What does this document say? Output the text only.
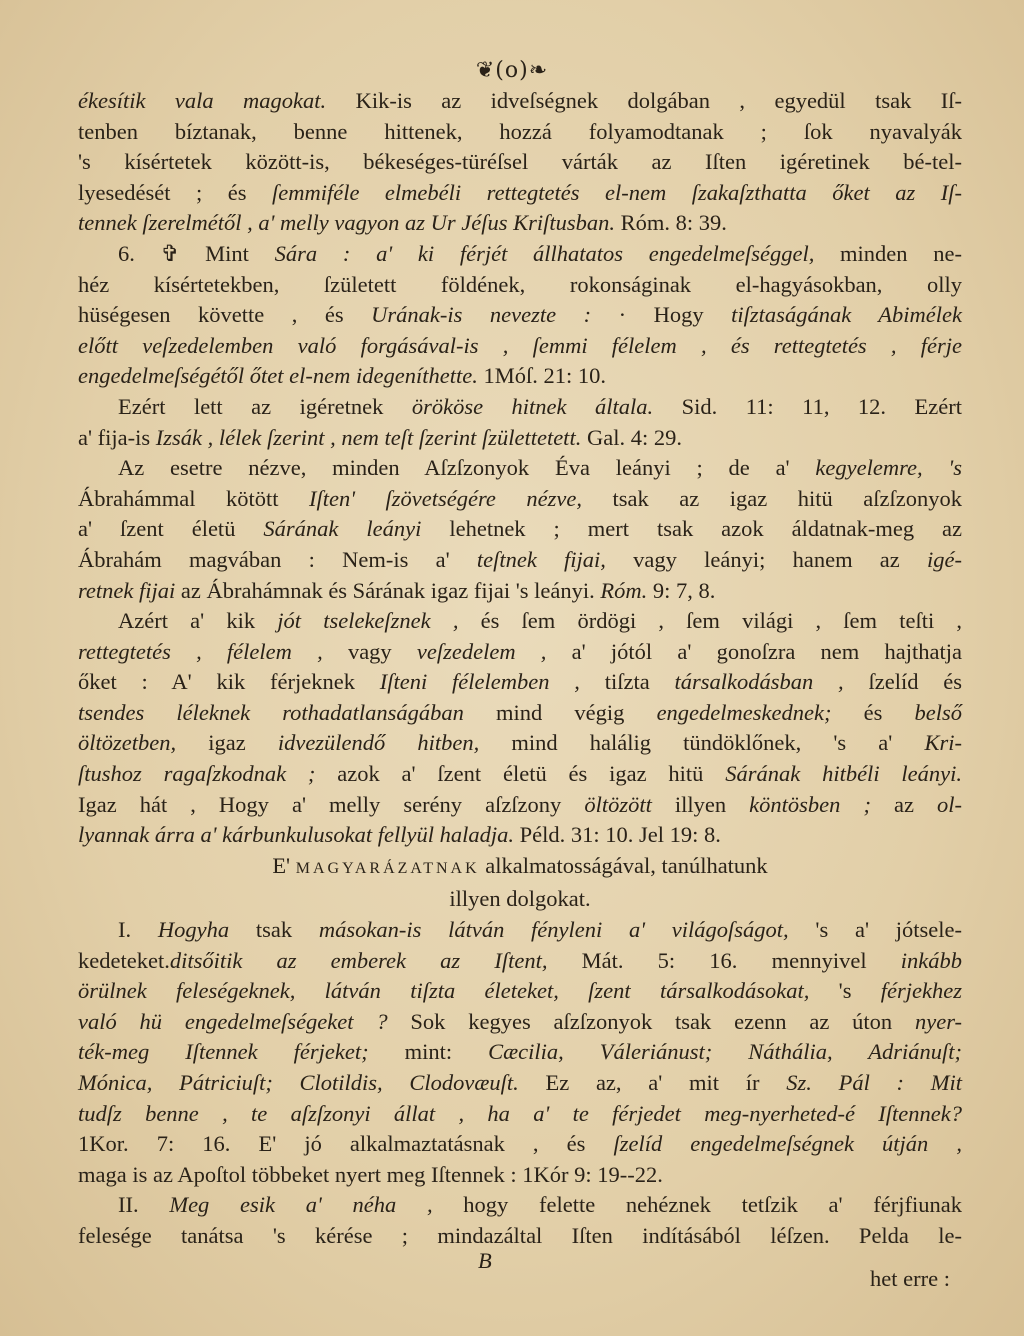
❦(o)❧
ékesítik vala magokat. Kik-is az idveſségnek dolgában , egyedül tsak Iſ-
tenben bíztanak, benne hittenek, hozzá folyamodtanak ; ſok nyavalyák
's kísértetek között-is, békeséges-türéſsel várták az Iſten igéretinek bé-tel-
lyesedését ; és ſemmiféle elmebéli rettegtetés el-nem ſzakaſzthatta őket az Iſ-
tennek ſzerelmétől , a' melly vagyon az Ur Jéſus Kriſtusban. Róm. 8: 39.
6. ✞ Mint Sára : a' ki férjét állhatatos engedelmeſséggel, minden ne-
héz kísértetekben, ſzületett földének, rokonságinak el-hagyásokban, olly
hüségesen követte , és Urának-is nevezte : · Hogy tiſztaságának Abimélek
előtt veſzedelemben való forgásával-is , ſemmi félelem , és rettegtetés , férje
engedelmeſségétől őtet el-nem idegeníthette. 1Móſ. 21: 10.
Ezért lett az igéretnek örököse hitnek általa. Sid. 11: 11, 12. Ezért
a' fija-is Izsák , lélek ſzerint , nem teſt ſzerint ſzülettetett. Gal. 4: 29.
Az esetre nézve, minden Aſzſzonyok Éva leányi ; de a' kegyelemre, 's
Ábrahámmal kötött Iſten' ſzövetségére nézve, tsak az igaz hitü aſzſzonyok
a' ſzent életü Sárának leányi lehetnek ; mert tsak azok áldatnak-meg az
Ábrahám magvában : Nem-is a' teſtnek fijai, vagy leányi; hanem az igé-
retnek fijai az Ábrahámnak és Sárának igaz fijai 's leányi. Róm. 9: 7, 8.
Azért a' kik jót tselekeſznek , és ſem ördögi , ſem világi , ſem teſti ,
rettegtetés , félelem , vagy veſzedelem , a' jótól a' gonoſzra nem hajthatja
őket : A' kik férjeknek Iſteni félelemben , tiſzta társalkodásban , ſzelíd és
tsendes léleknek rothadatlanságában mind végig engedelmeskednek; és belső
öltözetben, igaz idvezülendő hitben, mind halálig tündöklőnek, 's a' Kri-
ſtushoz ragaſzkodnak ; azok a' ſzent életü és igaz hitü Sárának hitbéli leányi.
Igaz hát , Hogy a' melly serény aſzſzony öltözött illyen köntösben ; az ol-
lyannak árra a' kárbunkulusokat fellyül haladja. Péld. 31: 10. Jel 19: 8.
E' MAGYARÁZATNAK alkalmatosságával, tanúlhatunk
illyen dolgokat.
I. Hogyha tsak másokan-is látván fényleni a' világoſságot, 's a' jótsele-
kedeteket.ditsőitik az emberek az Iſtent, Mát. 5: 16. mennyivel inkább
örülnek feleségeknek, látván tiſzta életeket, ſzent társalkodásokat, 's férjekhez
való hü engedelmeſségeket ? Sok kegyes aſzſzonyok tsak ezenn az úton nyer-
ték-meg Iſtennek férjeket; mint: Cæcilia, Váleriánust; Náthália, Adriánuſt;
Mónica, Pátriciuſt; Clotildis, Clodovæuſt. Ez az, a' mit ír Sz. Pál : Mit
tudſz benne , te aſzſzonyi állat , ha a' te férjedet meg-nyerheted-é Iſtennek?
1Kor. 7: 16. E' jó alkalmaztatásnak , és ſzelíd engedelmeſségnek útján ,
maga is az Apoſtol többeket nyert meg Iſtennek : 1Kór 9: 19--22.
II. Meg esik a' néha , hogy felette nehéznek tetſzik a' férjfiunak
felesége tanátsa 's kérése ; mindazáltal Iſten indításából léſzen. Pelda le-
B
het erre :
